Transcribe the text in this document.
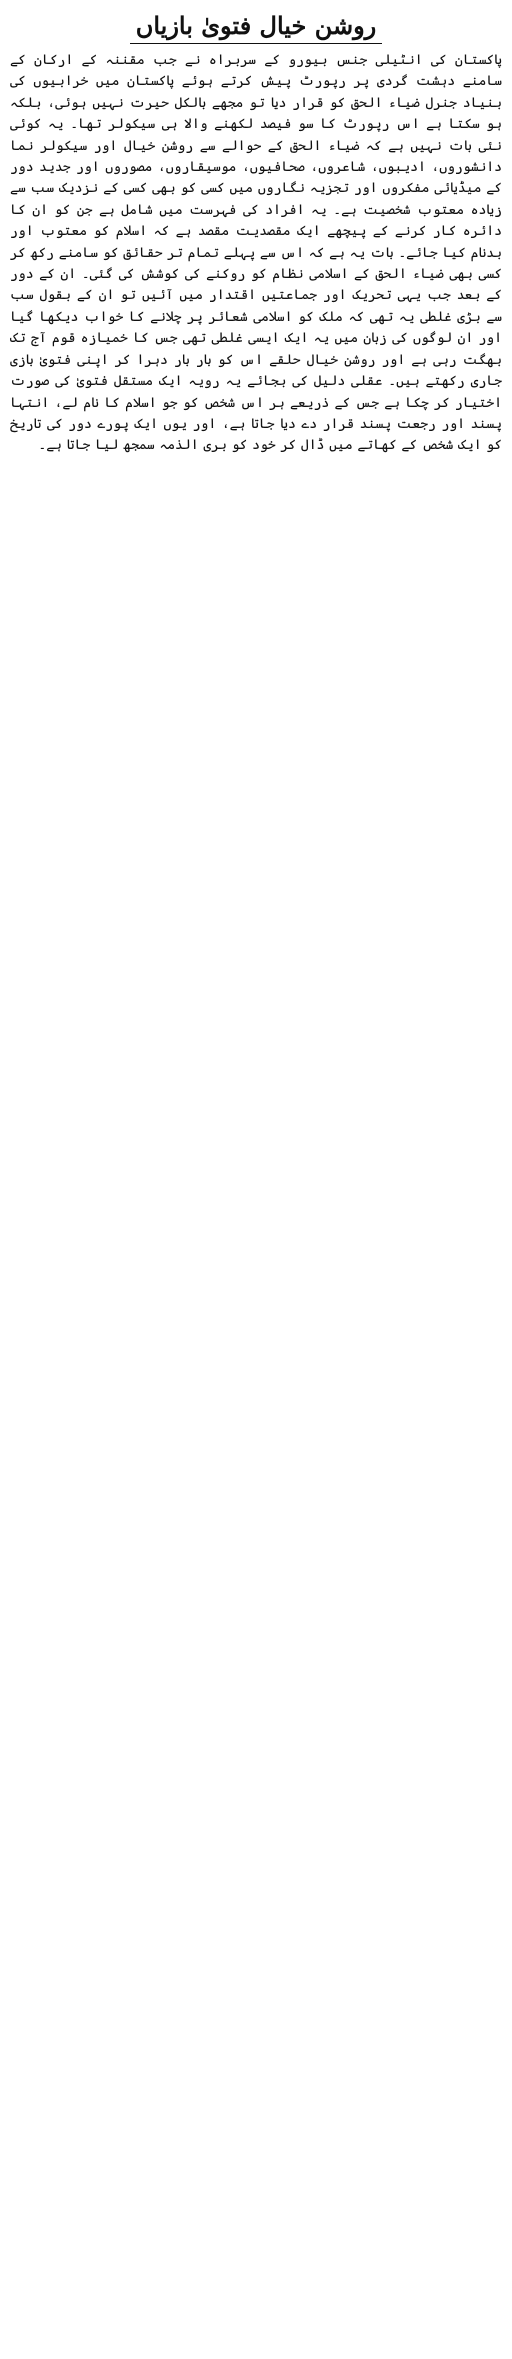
روشن خیال فتویٰ بازیاں

پاکستان کی انٹیلی جنس بیورو کے سربراہ نے جب مقننہ کے ارکان کے سامنے دہشت گردی پر رپورٹ پیش کرتے ہوئے پاکستان میں خرابیوں کی بنیاد جنرل ضیاء الحق کو قرار دیا تو مجھے بالکل حیرت نہیں ہوئی، بلکہ ہو سکتا ہے اس رپورٹ کا سو فیصد لکھنے والا ہی سیکولر تھا۔ یہ کوئی نئی بات نہیں ہے کہ ضیاء الحق کے حوالے سے روشن خیال اور سیکولر نما دانشوروں، ادیبوں، شاعروں، صحافیوں، موسیقاروں، مصوروں اور جدید دور کے میڈیائی مفکروں اور تجزیہ نگاروں میں کسی کو بھی کسی کے نزدیک سب سے زیادہ معتوب شخصیت ہے۔ یہ افراد کی فہرست میں شامل ہے جن کو ان کا دائرہ کار کرنے کے پیچھے ایک مقصدیت مقصد ہے کہ اسلام کو معتوب اور بدنام کیا جائے۔ بات یہ ہے کہ اس سے پہلے تمام تر حقائق کو سامنے رکھ کر کسی بھی ضیاء الحق کے اسلامی نظام کو روکنے کی کوشش کی گئی۔ ان کے دور کے بعد جب یہی تحریک اور جماعتیں اقتدار میں آئیں تو ان کے بقول سب سے بڑی غلطی یہ تھی کہ ملک کو اسلامی شعائر پر چلانے کا خواب دیکھا گیا اور ان لوگوں کی زبان میں یہ ایک ایسی غلطی تھی جس کا خمیازہ قوم آج تک بھگت رہی ہے اور روشن خیال حلقے اس کو بار بار دہرا کر اپنی فتویٰ بازی جاری رکھتے ہیں۔ عقلی دلیل کی بجائے یہ رویہ ایک مستقل فتویٰ کی صورت اختیار کر چکا ہے جس کے ذریعے ہر اس شخص کو جو اسلام کا نام لے، انتہا پسند اور رجعت پسند قرار دے دیا جاتا ہے، اور یوں ایک پورے دور کی تاریخ کو ایک شخص کے کھاتے میں ڈال کر خود کو بری الذمہ سمجھ لیا جاتا ہے۔
